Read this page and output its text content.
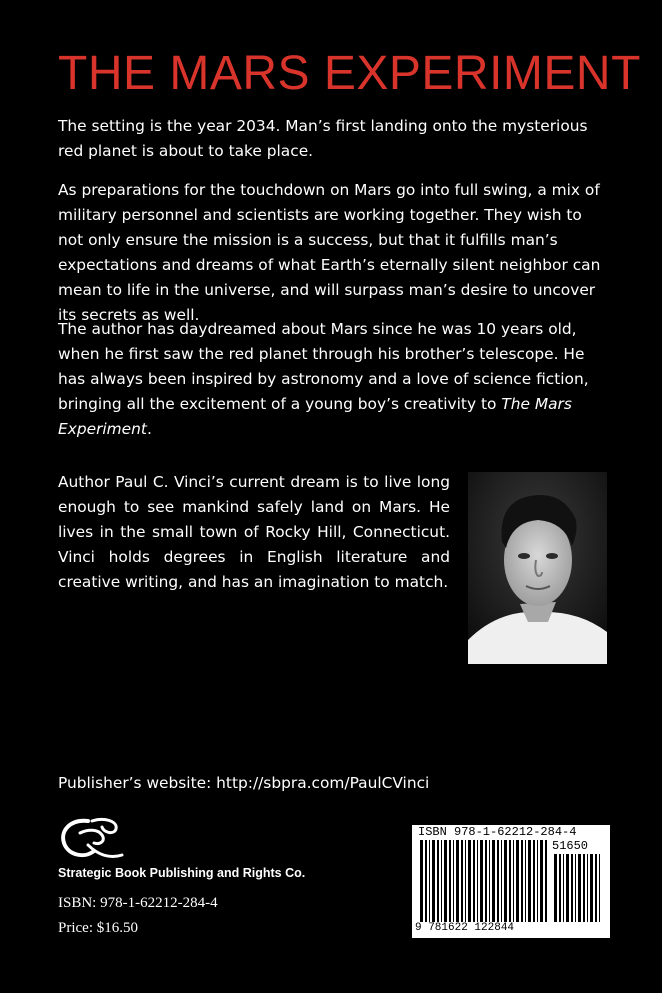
THE MARS EXPERIMENT

The setting is the year 2034. Man’s first landing onto the mysterious red planet is about to take place.

As preparations for the touchdown on Mars go into full swing, a mix of military personnel and scientists are working together. They wish to not only ensure the mission is a success, but that it fulfills man’s expectations and dreams of what Earth’s eternally silent neighbor can mean to life in the universe, and will surpass man’s desire to uncover its secrets as well.

The author has daydreamed about Mars since he was 10 years old, when he first saw the red planet through his brother’s telescope. He has always been inspired by astronomy and a love of science fiction, bringing all the excitement of a young boy’s creativity to The Mars Experiment.

Author Paul C. Vinci’s current dream is to live long enough to see mankind safely land on Mars. He lives in the small town of Rocky Hill, Connecticut. Vinci holds degrees in English literature and creative writing, and has an imagination to match.

Publisher’s website: http://sbpra.com/PaulCVinci

Strategic Book Publishing and Rights Co.
ISBN: 978-1-62212-284-4
Price: $16.50
ISBN 978-1-62212-284-4
51650
9 781622 122844
